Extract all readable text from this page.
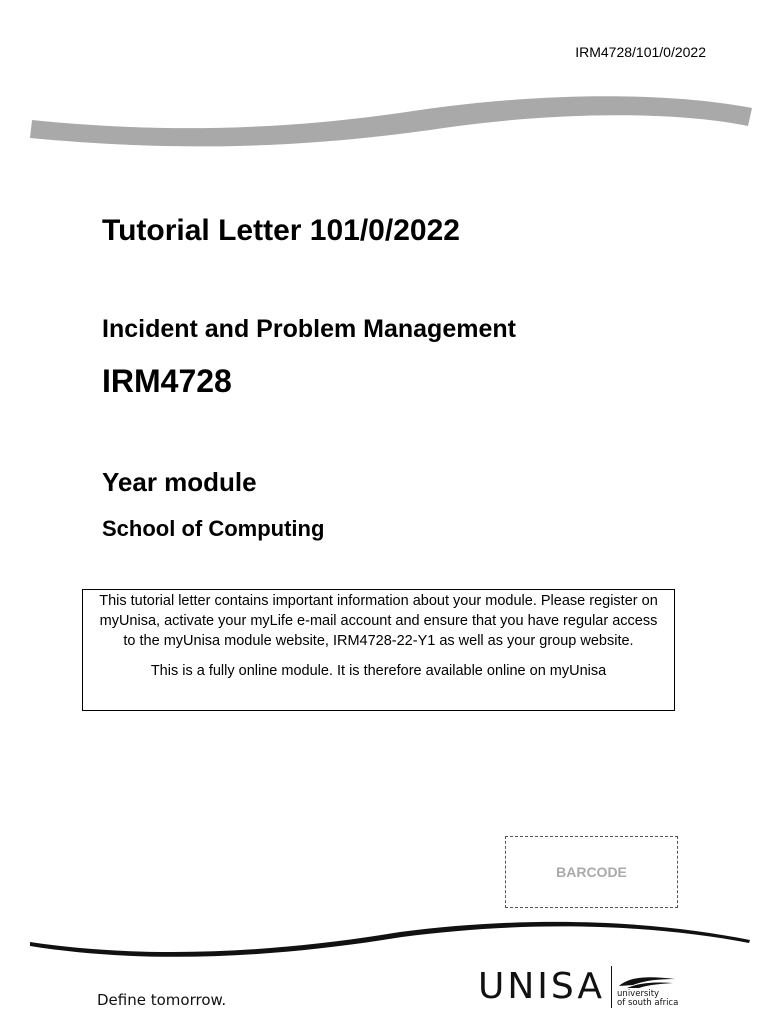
IRM4728/101/0/2022
Tutorial Letter 101/0/2022
Incident and Problem Management
IRM4728
Year module
School of Computing

This tutorial letter contains important information about your module. Please register on myUnisa, activate your myLife e-mail account and ensure that you have regular access to the myUnisa module website, IRM4728-22-Y1 as well as your group website.

This is a fully online module. It is therefore available online on myUnisa

BARCODE
Define tomorrow.	UNISA university
of south africa
